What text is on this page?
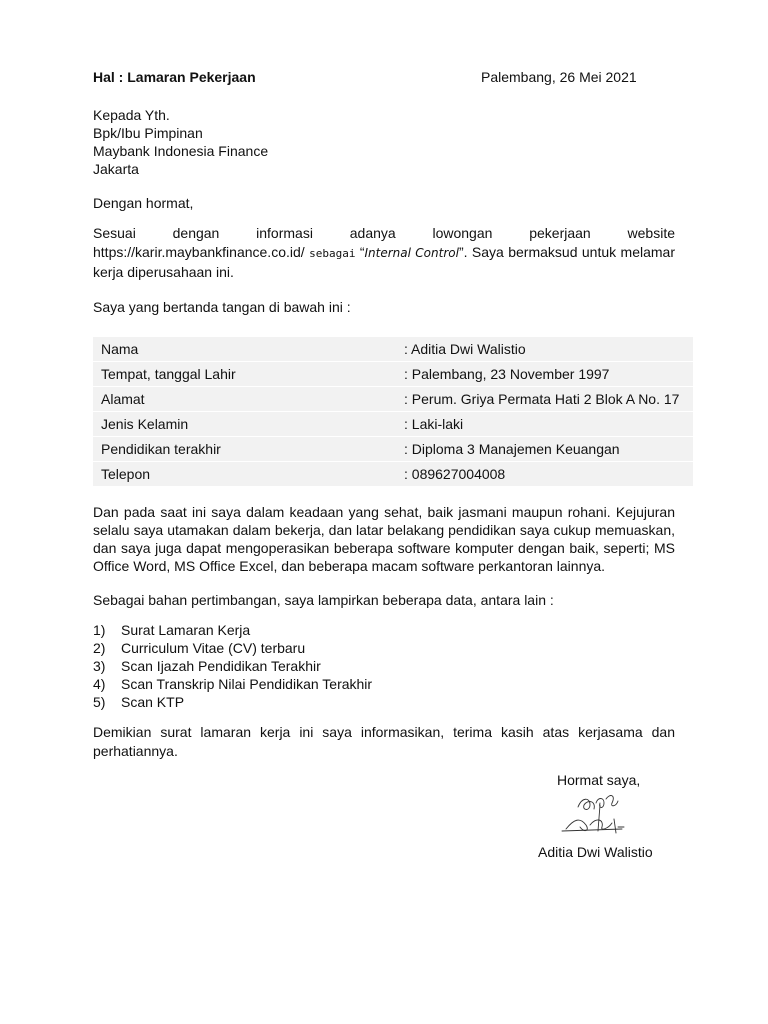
Hal : Lamaran Pekerjaan	Palembang, 26 Mei 2021
Kepada Yth.
Bpk/Ibu Pimpinan
Maybank Indonesia Finance
Jakarta
Dengan hormat,
Sesuai dengan informasi adanya lowongan pekerjaan website https://karir.maybankfinance.co.id/ sebagai “Internal Control”. Saya bermaksud untuk melamar kerja diperusahaan ini.
Saya yang bertanda tangan di bawah ini :
Nama	: Aditia Dwi Walistio
Tempat, tanggal Lahir	: Palembang, 23 November 1997
Alamat	: Perum. Griya Permata Hati 2 Blok A No. 17
Jenis Kelamin	: Laki-laki
Pendidikan terakhir	: Diploma 3 Manajemen Keuangan
Telepon	: 089627004008
Dan pada saat ini saya dalam keadaan yang sehat, baik jasmani maupun rohani. Kejujuran selalu saya utamakan dalam bekerja, dan latar belakang pendidikan saya cukup memuaskan, dan saya juga dapat mengoperasikan beberapa software komputer dengan baik, seperti; MS Office Word, MS Office Excel, dan beberapa macam software perkantoran lainnya.
Sebagai bahan pertimbangan, saya lampirkan beberapa data, antara lain :
1) Surat Lamaran Kerja
2) Curriculum Vitae (CV) terbaru
3) Scan Ijazah Pendidikan Terakhir
4) Scan Transkrip Nilai Pendidikan Terakhir
5) Scan KTP
Demikian surat lamaran kerja ini saya informasikan, terima kasih atas kerjasama dan perhatiannya.
Hormat saya,
Aditia Dwi Walistio
